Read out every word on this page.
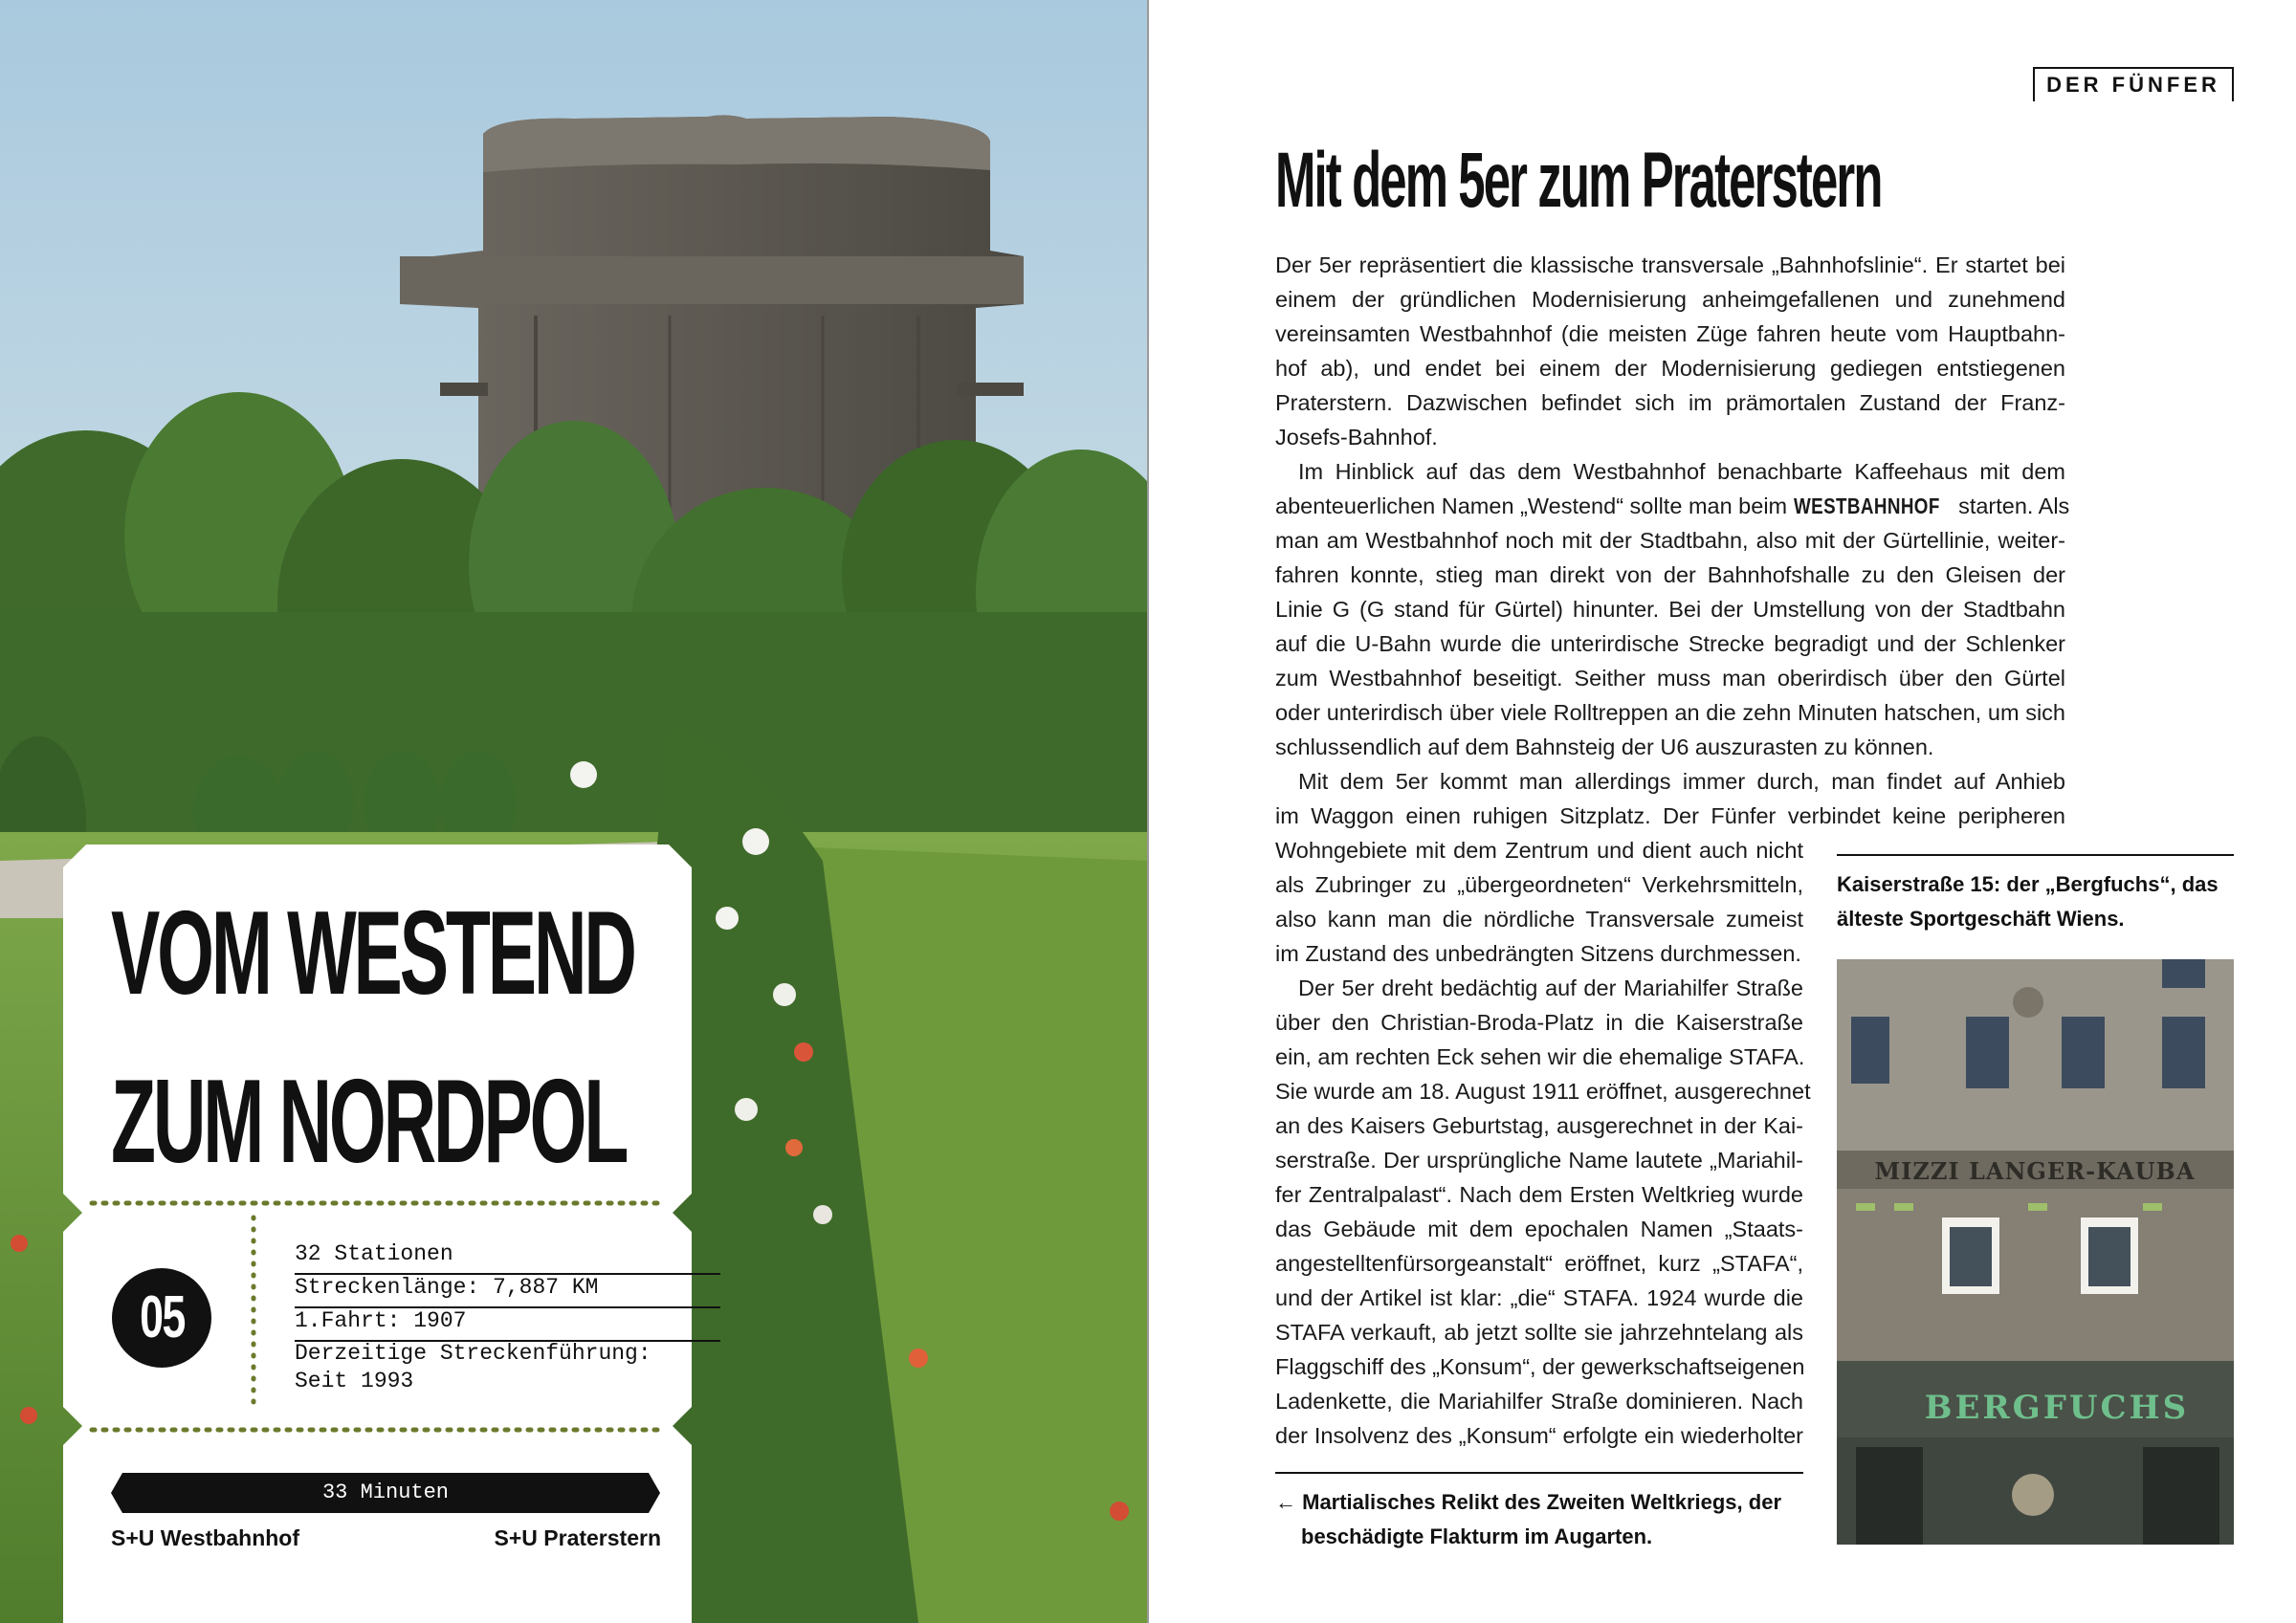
VOM WESTEND
ZUM NORDPOL
05
32 Stationen
Streckenlänge: 7,887 KM
1.Fahrt: 1907
Derzeitige Streckenführung:
Seit 1993
33 Minuten
S+U Westbahnhof	S+U Praterstern
DER FÜNFER
Mit dem 5er zum Praterstern
Der 5er repräsentiert die klassische transversale „Bahnhofslinie“. Er startet bei
einem der gründlichen Modernisierung anheimgefallenen und zunehmend
vereinsamten Westbahnhof (die meisten Züge fahren heute vom Hauptbahn-
hof ab), und endet bei einem der Modernisierung gediegen entstiegenen
Praterstern. Dazwischen befindet sich im prämortalen Zustand der Franz-
Josefs-Bahnhof.
Im Hinblick auf das dem Westbahnhof benachbarte Kaffeehaus mit dem
abenteuerlichen Namen „Westend“ sollte man beim WESTBAHNHOF starten. Als
man am Westbahnhof noch mit der Stadtbahn, also mit der Gürtellinie, weiter-
fahren konnte, stieg man direkt von der Bahnhofshalle zu den Gleisen der
Linie G (G stand für Gürtel) hinunter. Bei der Umstellung von der Stadtbahn
auf die U-Bahn wurde die unterirdische Strecke begradigt und der Schlenker
zum Westbahnhof beseitigt. Seither muss man oberirdisch über den Gürtel
oder unterirdisch über viele Rolltreppen an die zehn Minuten hatschen, um sich
schlussendlich auf dem Bahnsteig der U6 auszurasten zu können.
Mit dem 5er kommt man allerdings immer durch, man findet auf Anhieb
im Waggon einen ruhigen Sitzplatz. Der Fünfer verbindet keine peripheren
Wohngebiete mit dem Zentrum und dient auch nicht
als Zubringer zu „übergeordneten“ Verkehrsmitteln,
also kann man die nördliche Transversale zumeist
im Zustand des unbedrängten Sitzens durchmessen.
Der 5er dreht bedächtig auf der Mariahilfer Straße
über den Christian-Broda-Platz in die Kaiserstraße
ein, am rechten Eck sehen wir die ehemalige STAFA.
Sie wurde am 18. August 1911 eröffnet, ausgerechnet
an des Kaisers Geburtstag, ausgerechnet in der Kai-
serstraße. Der ursprüngliche Name lautete „Mariahil-
fer Zentralpalast“. Nach dem Ersten Weltkrieg wurde
das Gebäude mit dem epochalen Namen „Staats-
angestelltenfürsorgeanstalt“ eröffnet, kurz „STAFA“,
und der Artikel ist klar: „die“ STAFA. 1924 wurde die
STAFA verkauft, ab jetzt sollte sie jahrzehntelang als
Flaggschiff des „Konsum“, der gewerkschaftseigenen
Ladenkette, die Mariahilfer Straße dominieren. Nach
der Insolvenz des „Konsum“ erfolgte ein wiederholter
Kaiserstraße 15: der „Bergfuchs“, das
älteste Sportgeschäft Wiens.
MIZZI LANGER-KAUBA
BERGFUCHS
← Martialisches Relikt des Zweiten Weltkriegs, der
beschädigte Flakturm im Augarten.
